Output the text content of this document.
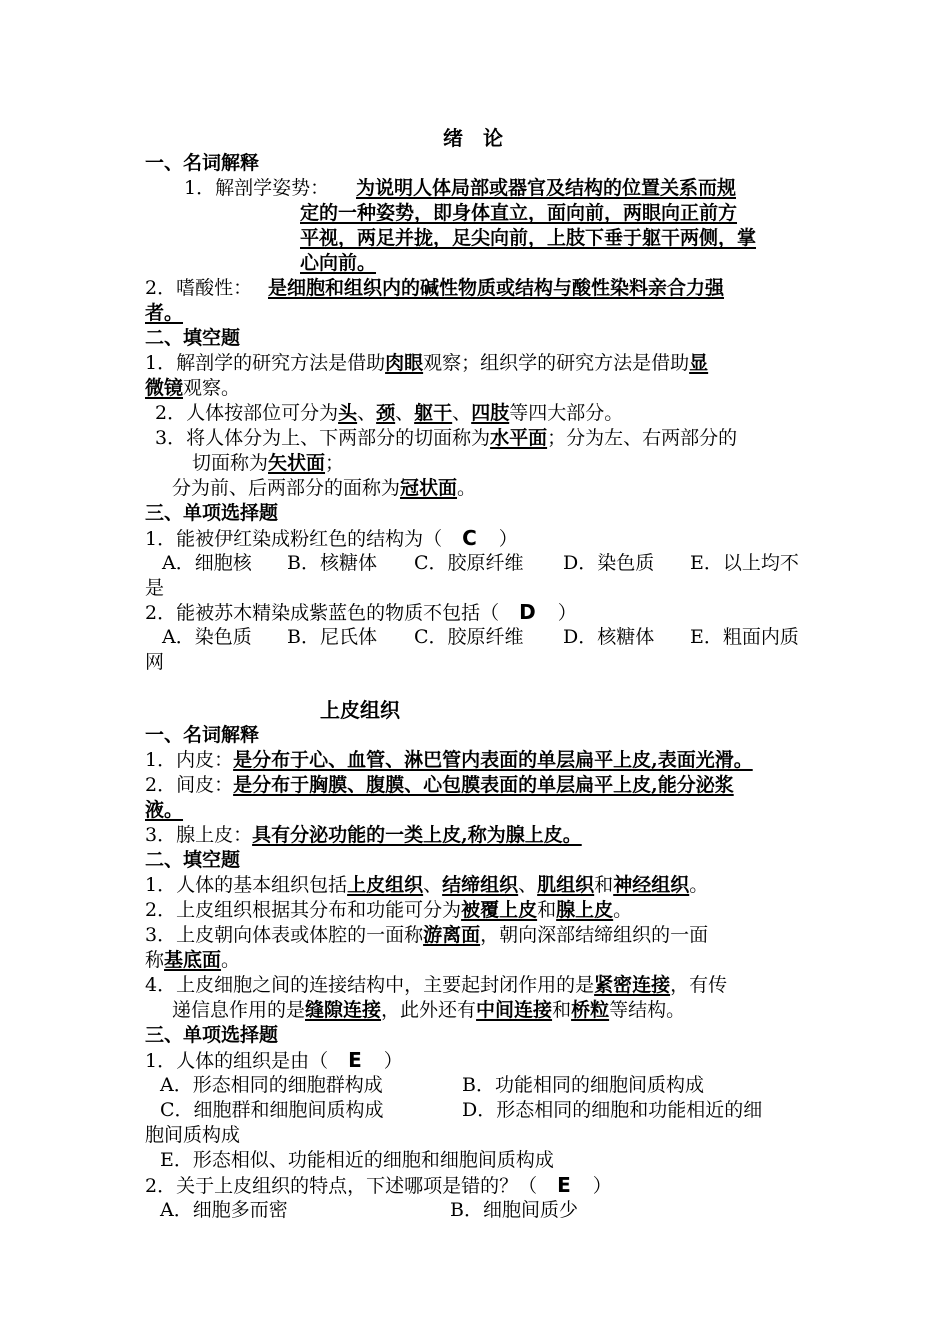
绪　论
一、名词解释
1．解剖学姿势： 为说明人体局部或器官及结构的位置关系而规
定的一种姿势，即身体直立，面向前，两眼向正前方
平视，两足并拢，足尖向前，上肢下垂于躯干两侧，掌
心向前。
2．嗜酸性： 是细胞和组织内的碱性物质或结构与酸性染料亲合力强
者。
二、填空题
1．解剖学的研究方法是借助肉眼观察；组织学的研究方法是借助显
微镜观察。
2．人体按部位可分为头、颈、躯干、四肢等四大部分。
3．将人体分为上、下两部分的切面称为水平面；分为左、右两部分的
切面称为矢状面；
分为前、后两部分的面称为冠状面。
三、单项选择题
1．能被伊红染成粉红色的结构为（ C ）
A．细胞核 B．核糖体 C．胶原纤维 D．染色质 E．以上均不
是
2．能被苏木精染成紫蓝色的物质不包括（ D ）
A．染色质 B．尼氏体 C．胶原纤维 D．核糖体 E．粗面内质
网
上皮组织
一、名词解释
1．内皮：是分布于心、血管、淋巴管内表面的单层扁平上皮,表面光滑。
2．间皮：是分布于胸膜、腹膜、心包膜表面的单层扁平上皮,能分泌浆
液。
3．腺上皮：具有分泌功能的一类上皮,称为腺上皮。
二、填空题
1．人体的基本组织包括上皮组织、结缔组织、肌组织和神经组织。
2．上皮组织根据其分布和功能可分为被覆上皮和腺上皮。
3．上皮朝向体表或体腔的一面称游离面，朝向深部结缔组织的一面
称基底面。
4．上皮细胞之间的连接结构中，主要起封闭作用的是紧密连接，有传
递信息作用的是缝隙连接，此外还有中间连接和桥粒等结构。
三、单项选择题
1．人体的组织是由（ E ）
A．形态相同的细胞群构成	B．功能相同的细胞间质构成
C．细胞群和细胞间质构成	D．形态相同的细胞和功能相近的细
胞间质构成
E．形态相似、功能相近的细胞和细胞间质构成
2．关于上皮组织的特点，下述哪项是错的？（ E ）
A．细胞多而密	B．细胞间质少
